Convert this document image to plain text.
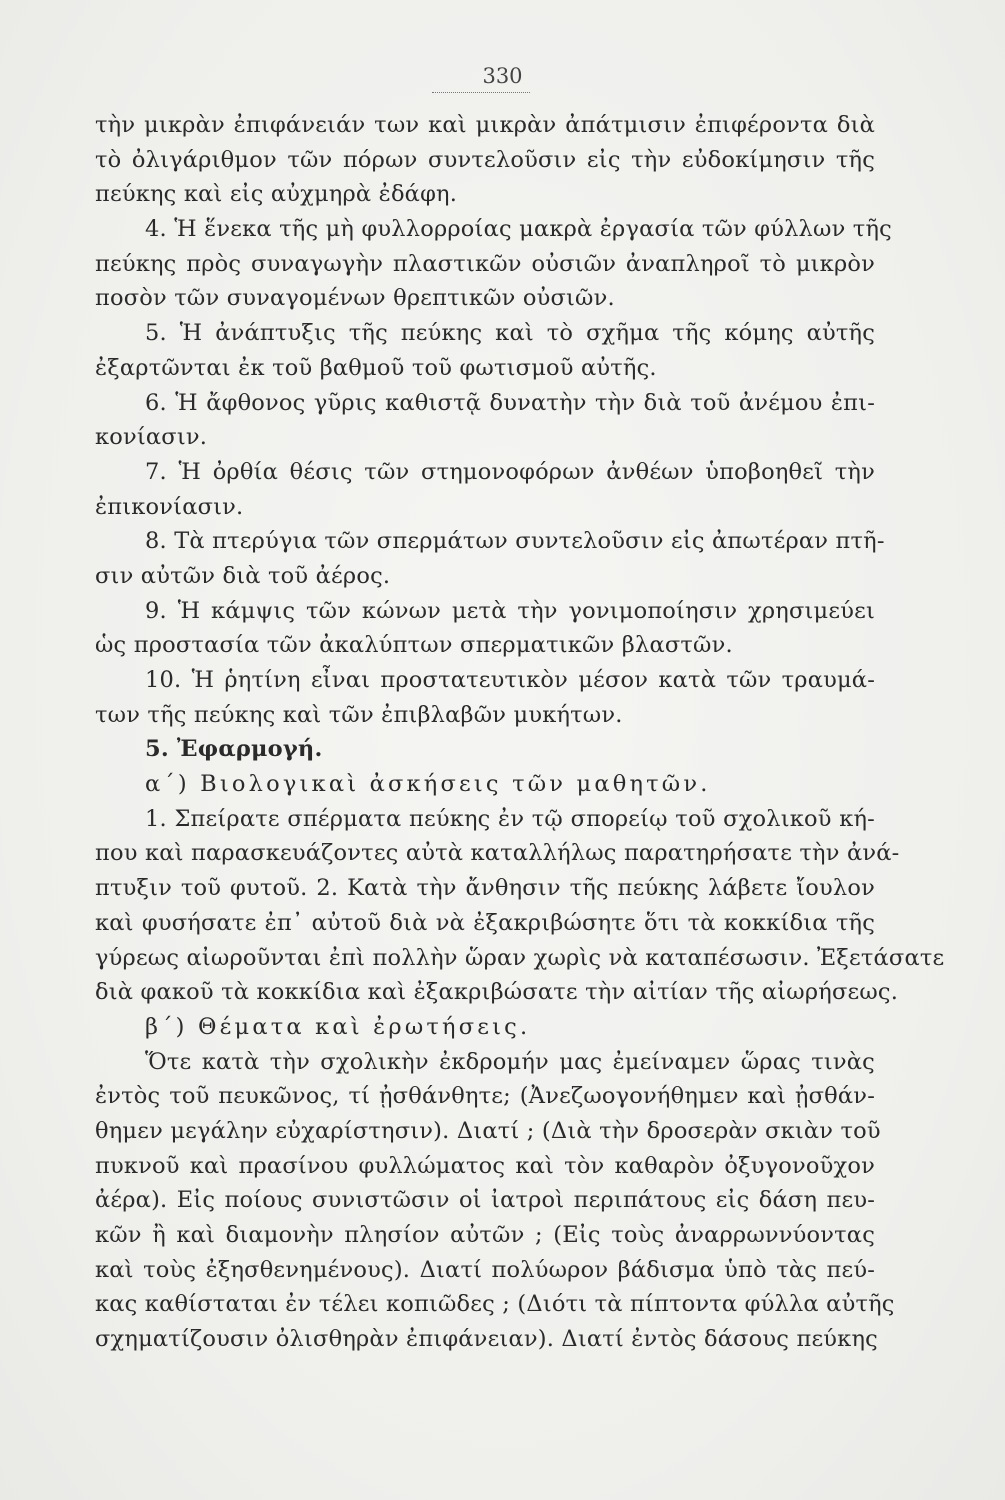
330
τὴν μικρὰν ἐπιφάνειάν των καὶ μικρὰν ἀπάτμισιν ἐπιφέροντα διὰ
τὸ ὀλιγάριθμον τῶν πόρων συντελοῦσιν εἰς τὴν εὐδοκίμησιν τῆς
πεύκης καὶ εἰς αὐχμηρὰ ἐδάφη.
4. Ἡ ἕνεκα τῆς μὴ φυλλορροίας μακρὰ ἐργασία τῶν φύλλων τῆς
πεύκης πρὸς συναγωγὴν πλαστικῶν οὐσιῶν ἀναπληροῖ τὸ μικρὸν
ποσὸν τῶν συναγομένων θρεπτικῶν οὐσιῶν.
5. Ἡ ἀνάπτυξις τῆς πεύκης καὶ τὸ σχῆμα τῆς κόμης αὐτῆς
ἐξαρτῶνται ἐκ τοῦ βαθμοῦ τοῦ φωτισμοῦ αὐτῆς.
6. Ἡ ἄφθονος γῦρις καθιστᾷ δυνατὴν τὴν διὰ τοῦ ἀνέμου ἐπι-
κονίασιν.
7. Ἡ ὀρθία θέσις τῶν στημονοφόρων ἀνθέων ὑποβοηθεῖ τὴν
ἐπικονίασιν.
8. Τὰ πτερύγια τῶν σπερμάτων συντελοῦσιν εἰς ἀπωτέραν πτῆ-
σιν αὐτῶν διὰ τοῦ ἀέρος.
9. Ἡ κάμψις τῶν κώνων μετὰ τὴν γονιμοποίησιν χρησιμεύει
ὡς προστασία τῶν ἀκαλύπτων σπερματικῶν βλαστῶν.
10. Ἡ ῥητίνη εἶναι προστατευτικὸν μέσον κατὰ τῶν τραυμά-
των τῆς πεύκης καὶ τῶν ἐπιβλαβῶν μυκήτων.
5. Ἐφαρμογή.
α΄) Βιολογικαὶ ἀσκήσεις τῶν μαθητῶν.
1. Σπείρατε σπέρματα πεύκης ἐν τῷ σπορείῳ τοῦ σχολικοῦ κή-
που καὶ παρασκευάζοντες αὐτὰ καταλλήλως παρατηρήσατε τὴν ἀνά-
πτυξιν τοῦ φυτοῦ. 2. Κατὰ τὴν ἄνθησιν τῆς πεύκης λάβετε ἴουλον
καὶ φυσήσατε ἐπ᾿ αὐτοῦ διὰ νὰ ἐξακριβώσητε ὅτι τὰ κοκκίδια τῆς
γύρεως αἰωροῦνται ἐπὶ πολλὴν ὥραν χωρὶς νὰ καταπέσωσιν. Ἐξετάσατε
διὰ φακοῦ τὰ κοκκίδια καὶ ἐξακριβώσατε τὴν αἰτίαν τῆς αἰωρήσεως.
β΄) Θέματα καὶ ἐρωτήσεις.
Ὅτε κατὰ τὴν σχολικὴν ἐκδρομήν μας ἐμείναμεν ὥρας τινὰς
ἐντὸς τοῦ πευκῶνος, τί ᾐσθάνθητε; (Ἀνεζωογονήθημεν καὶ ᾐσθάν-
θημεν μεγάλην εὐχαρίστησιν). Διατί ; (Διὰ τὴν δροσερὰν σκιὰν τοῦ
πυκνοῦ καὶ πρασίνου φυλλώματος καὶ τὸν καθαρὸν ὀξυγονοῦχον
ἀέρα). Εἰς ποίους συνιστῶσιν οἱ ἰατροὶ περιπάτους εἰς δάση πευ-
κῶν ἢ καὶ διαμονὴν πλησίον αὐτῶν ; (Εἰς τοὺς ἀναρρωννύοντας
καὶ τοὺς ἐξησθενημένους). Διατί πολύωρον βάδισμα ὑπὸ τὰς πεύ-
κας καθίσταται ἐν τέλει κοπιῶδες ; (Διότι τὰ πίπτοντα φύλλα αὐτῆς
σχηματίζουσιν ὀλισθηρὰν ἐπιφάνειαν). Διατί ἐντὸς δάσους πεύκης
